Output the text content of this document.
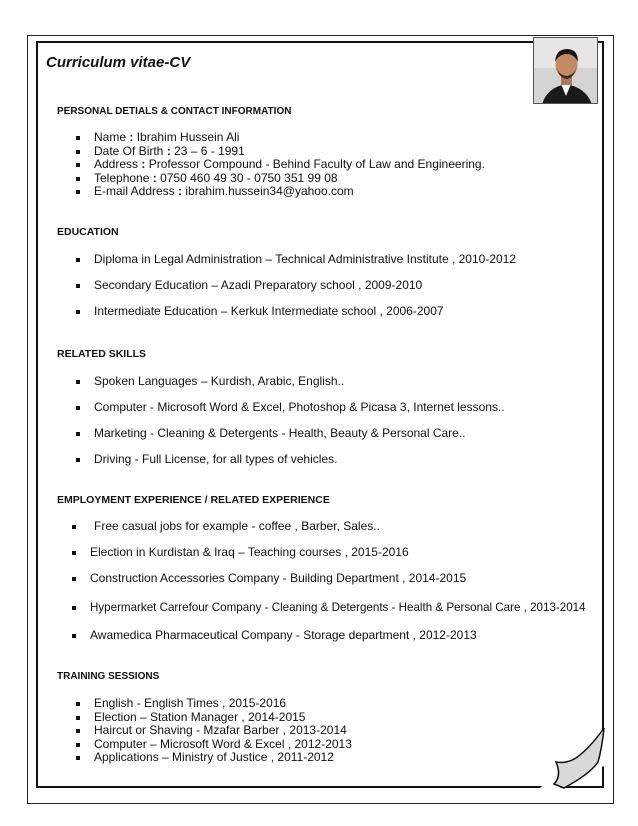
Curriculum vitae-CV
PERSONAL DETIALS & CONTACT INFORMATION
Name : Ibrahim Hussein Ali
Date Of Birth : 23 – 6 - 1991
Address : Professor Compound - Behind Faculty of Law and Engineering.
Telephone : 0750 460 49 30 - 0750 351 99 08
E-mail Address : ibrahim.hussein34@yahoo.com
EDUCATION
Diploma in Legal Administration – Technical Administrative Institute , 2010-2012
Secondary Education – Azadi Preparatory school , 2009-2010
Intermediate Education – Kerkuk Intermediate school , 2006-2007
RELATED SKILLS
Spoken Languages – Kurdish, Arabic, English..
Computer - Microsoft Word & Excel, Photoshop & Picasa 3, Internet lessons..
Marketing - Cleaning & Detergents - Health, Beauty & Personal Care..
Driving - Full License, for all types of vehicles.
EMPLOYMENT EXPERIENCE / RELATED EXPERIENCE
Free casual jobs for example - coffee , Barber, Sales..
Election in Kurdistan & Iraq – Teaching courses , 2015-2016
Construction Accessories Company - Building Department , 2014-2015
Hypermarket Carrefour Company - Cleaning & Detergents - Health & Personal Care , 2013-2014
Awamedica Pharmaceutical Company - Storage department , 2012-2013
TRAINING SESSIONS
English - English Times , 2015-2016
Election – Station Manager , 2014-2015
Haircut or Shaving - Mzafar Barber , 2013-2014
Computer – Microsoft Word & Excel , 2012-2013
Applications – Ministry of Justice , 2011-2012
